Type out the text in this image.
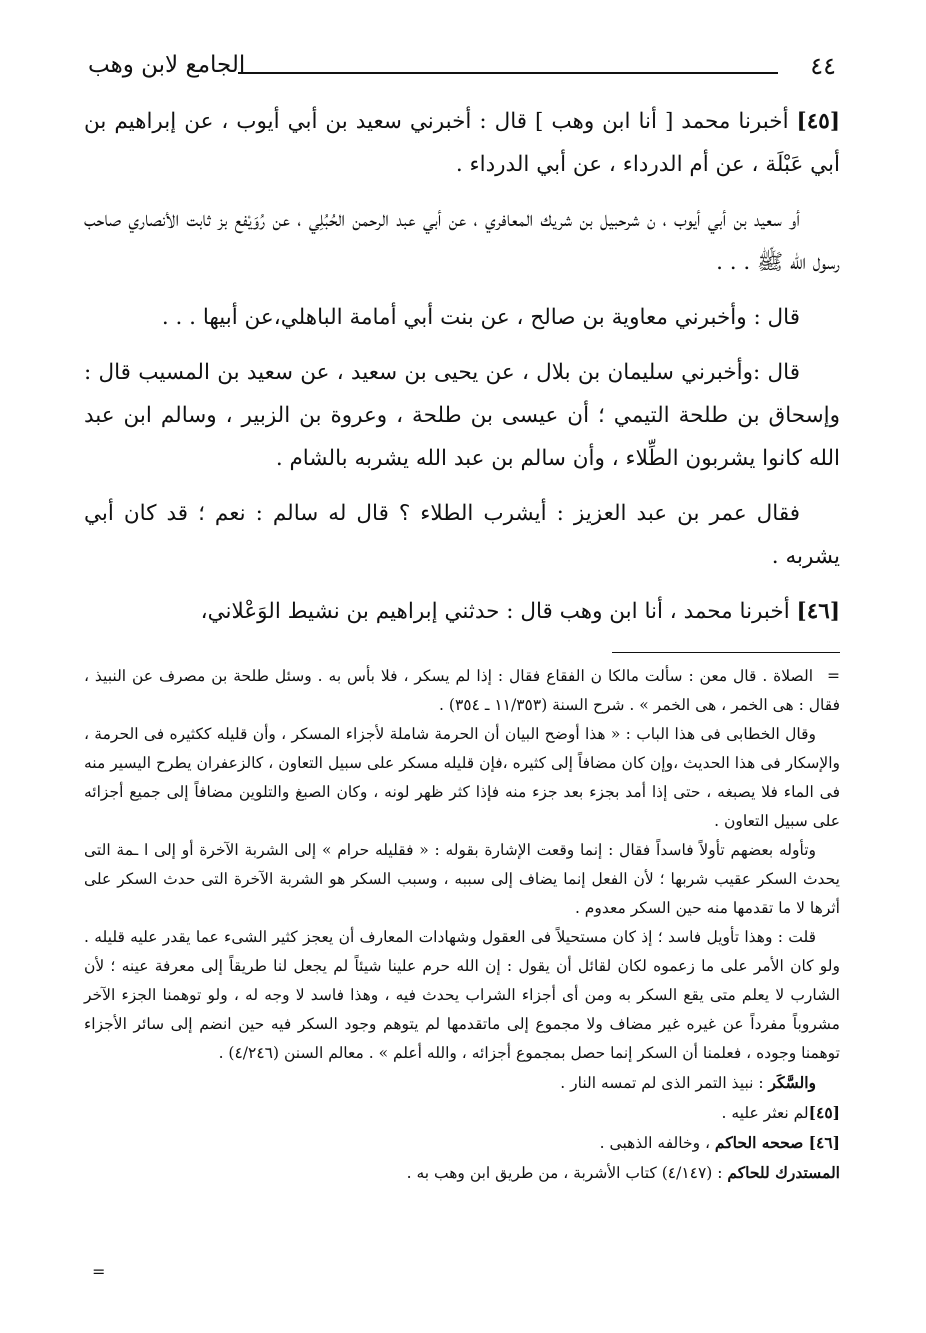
٤٤
الجامع لابن وهب

[٤٥] أخبرنا محمد [ أنا ابن وهب ] قال : أخبرني سعيد بن أبي أيوب ، عن إبراهيم بن أبي عَبْلَة ، عن أم الدرداء ، عن أبي الدرداء .

أو سعيد بن أبي أيوب ، ن شرحبيل بن شريك المعافري ، عن أبي عبد الرحمن الحُبُلِي ، عن رُوَيْفع بز ثابت الأنصاري صاحب رسول الله ﷺ . . .

قال : وأخبرني معاوية بن صالح ، عن بنت أبي أمامة الباهلي،عن أبيها . . .

قال :وأخبرني سليمان بن بلال ، عن يحيى بن سعيد ، عن سعيد بن المسيب قال : وإسحاق بن طلحة التيمي ؛ أن عيسى بن طلحة ، وعروة بن الزبير ، وسالم ابن عبد الله كانوا يشربون الطِّلاء ، وأن سالم بن عبد الله يشربه بالشام .

فقال عمر بن عبد العزيز : أيشرب الطلاء ؟ قال له سالم : نعم ؛ قد كان أبي يشربه .

[٤٦] أخبرنا محمد ، أنا ابن وهب قال : حدثني إبراهيم بن نشيط الوَعْلاني،

=الصلاة . قال معن : سألت مالكا ن الفقاع فقال : إذا لم يسكر ، فلا بأس به . وسئل طلحة بن مصرف عن النبيذ ، فقال : هى الخمر ، هى الخمر » . شرح السنة (١١/٣٥٣ ـ ٣٥٤) .

وقال الخطابى فى هذا الباب : « هذا أوضح البيان أن الحرمة شاملة لأجزاء المسكر ، وأن قليله ككثيره فى الحرمة ، والإسكار فى هذا الحديث ،وإن كان مضافاً إلى كثيره ،فإن قليله مسكر على سبيل التعاون ، كالزعفران يطرح اليسير منه فى الماء فلا يصبغه ، حتى إذا أمد بجزء بعد جزء منه فإذا كثر ظهر لونه ، وكان الصبغ والتلوين مضافاً إلى جميع أجزائه على سبيل التعاون .

وتأوله بعضهم تأولاً فاسداً فقال : إنما وقعت الإشارة بقوله : « فقليله حرام » إلى الشربة الآخرة أو إلى ا ـمة التى يحدث السكر عقيب شربها ؛ لأن الفعل إنما يضاف إلى سببه ، وسبب السكر هو الشربة الآخرة التى حدث السكر على أثرها لا ما تقدمها منه حين السكر معدوم .

قلت : وهذا تأويل فاسد ؛ إذ كان مستحيلاً فى العقول وشهادات المعارف أن يعجز كثير الشىء عما يقدر عليه قليله . ولو كان الأمر على ما زعموه لكان لقائل أن يقول : إن الله حرم علينا شيئاً لم يجعل لنا طريقاً إلى معرفة عينه ؛ لأن الشارب لا يعلم متى يقع السكر به ومن أى أجزاء الشراب يحدث فيه ، وهذا فاسد لا وجه له ، ولو توهمنا الجزء الآخر مشروباً مفرداً عن غيره غير مضاف ولا مجموع إلى ماتقدمها لم يتوهم وجود السكر فيه حين انضم إلى سائر الأجزاء توهمنا وجوده ، فعلمنا أن السكر إنما حصل بمجموع أجزائه ، والله أعلم » . معالم السنن (٤/٢٤٦) .

والسَّكَر : نبيذ التمر الذى لم تمسه النار .

[٤٥]لم نعثر عليه .

[٤٦] صححه الحاكم ، وخالفه الذهبى .

المستدرك للحاكم : (٤/١٤٧) كتاب الأشربة ، من طريق ابن وهب به .

=
